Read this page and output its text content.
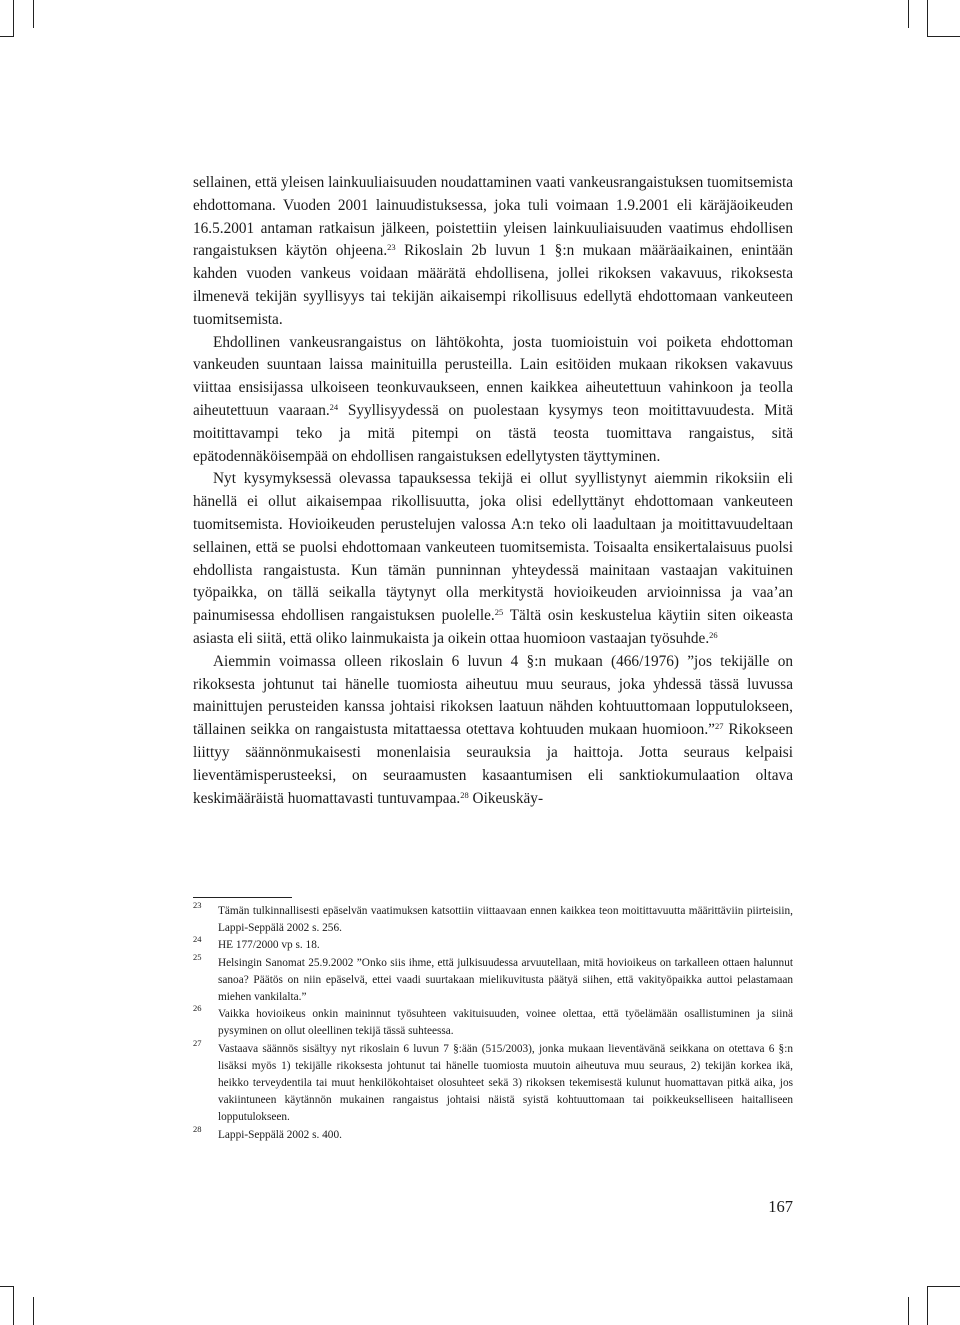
sellainen, että yleisen lainkuuliaisuuden noudattaminen vaati vankeusrangaistuksen tuomitsemista ehdottomana. Vuoden 2001 lainuudistuksessa, joka tuli voimaan 1.9.2001 eli käräjäoikeuden 16.5.2001 antaman ratkaisun jälkeen, poistettiin yleisen lainkuuliaisuuden vaatimus ehdollisen rangaistuksen käytön ohjeena.$^{23}$ Rikoslain 2b luvun 1 §:n mukaan määräaikainen, enintään kahden vuoden vankeus voidaan määrätä ehdollisena, jollei rikoksen vakavuus, rikoksesta ilmenevä tekijän syyllisyys tai tekijän aikaisempi rikollisuus edellytä ehdottomaan vankeuteen tuomitsemista.

Ehdollinen vankeusrangaistus on lähtökohta, josta tuomioistuin voi poiketa ehdottoman vankeuden suuntaan laissa mainituilla perusteilla. Lain esitöiden mukaan rikoksen vakavuus viittaa ensisijassa ulkoiseen teonkuvaukseen, ennen kaikkea aiheutettuun vahinkoon ja teolla aiheutettuun vaaraan.$^{24}$ Syyllisyydessä on puolestaan kysymys teon moitittavuudesta. Mitä moitittavampi teko ja mitä pitempi on tästä teosta tuomittava rangaistus, sitä epätodennäköisempää on ehdollisen rangaistuksen edellytysten täyttyminen.

Nyt kysymyksessä olevassa tapauksessa tekijä ei ollut syyllistynyt aiemmin rikoksiin eli hänellä ei ollut aikaisempaa rikollisuutta, joka olisi edellyttänyt ehdottomaan vankeuteen tuomitsemista. Hovioikeuden perustelujen valossa A:n teko oli laadultaan ja moitittavuudeltaan sellainen, että se puolsi ehdottomaan vankeuteen tuomitsemista. Toisaalta ensikertalaisuus puolsi ehdollista rangaistusta. Kun tämän punninnan yhteydessä mainitaan vastaajan vakituinen työpaikka, on tällä seikalla täytynyt olla merkitystä hovioikeuden arvioinnissa ja vaa’an painumisessa ehdollisen rangaistuksen puolelle.$^{25}$ Tältä osin keskustelua käytiin siten oikeasta asiasta eli siitä, että oliko lainmukaista ja oikein ottaa huomioon vastaajan työsuhde.$^{26}$

Aiemmin voimassa olleen rikoslain 6 luvun 4 §:n mukaan (466/1976) ”jos tekijälle on rikoksesta johtunut tai hänelle tuomiosta aiheutuu muu seuraus, joka yhdessä tässä luvussa mainittujen perusteiden kanssa johtaisi rikoksen laatuun nähden kohtuuttomaan lopputulokseen, tällainen seikka on rangaistusta mitattaessa otettava kohtuuden mukaan huomioon.”$^{27}$ Rikokseen liittyy säännönmukaisesti monenlaisia seurauksia ja haittoja. Jotta seuraus kelpaisi lieventämisperusteeksi, on seuraamusten kasaantumisen eli sanktiokumulaation oltava keskimääräistä huomattavasti tuntuvampaa.$^{28}$ Oikeuskäy-

23 Tämän tulkinnallisesti epäselvän vaatimuksen katsottiin viittaavaan ennen kaikkea teon moitittavuutta määrittäviin piirteisiin, Lappi-Seppälä 2002 s. 256.
24 HE 177/2000 vp s. 18.
25 Helsingin Sanomat 25.9.2002 ”Onko siis ihme, että julkisuudessa arvuutellaan, mitä hovioikeus on tarkalleen ottaen halunnut sanoa? Päätös on niin epäselvä, ettei vaadi suurtakaan mielikuvitusta päätyä siihen, että vakityöpaikka auttoi pelastamaan miehen vankilalta.”
26 Vaikka hovioikeus onkin maininnut työsuhteen vakituisuuden, voinee olettaa, että työelämään osallistuminen ja siinä pysyminen on ollut oleellinen tekijä tässä suhteessa.
27 Vastaava säännös sisältyy nyt rikoslain 6 luvun 7 §:ään (515/2003), jonka mukaan lieventävänä seikkana on otettava 6 §:n lisäksi myös 1) tekijälle rikoksesta johtunut tai hänelle tuomiosta muutoin aiheutuva muu seuraus, 2) tekijän korkea ikä, heikko terveydentila tai muut henkilökohtaiset olosuhteet sekä 3) rikoksen tekemisestä kulunut huomattavan pitkä aika, jos vakiintuneen käytännön mukainen rangaistus johtaisi näistä syistä kohtuuttomaan tai poikkeukselliseen haitalliseen lopputulokseen.
28 Lappi-Seppälä 2002 s. 400.
167
